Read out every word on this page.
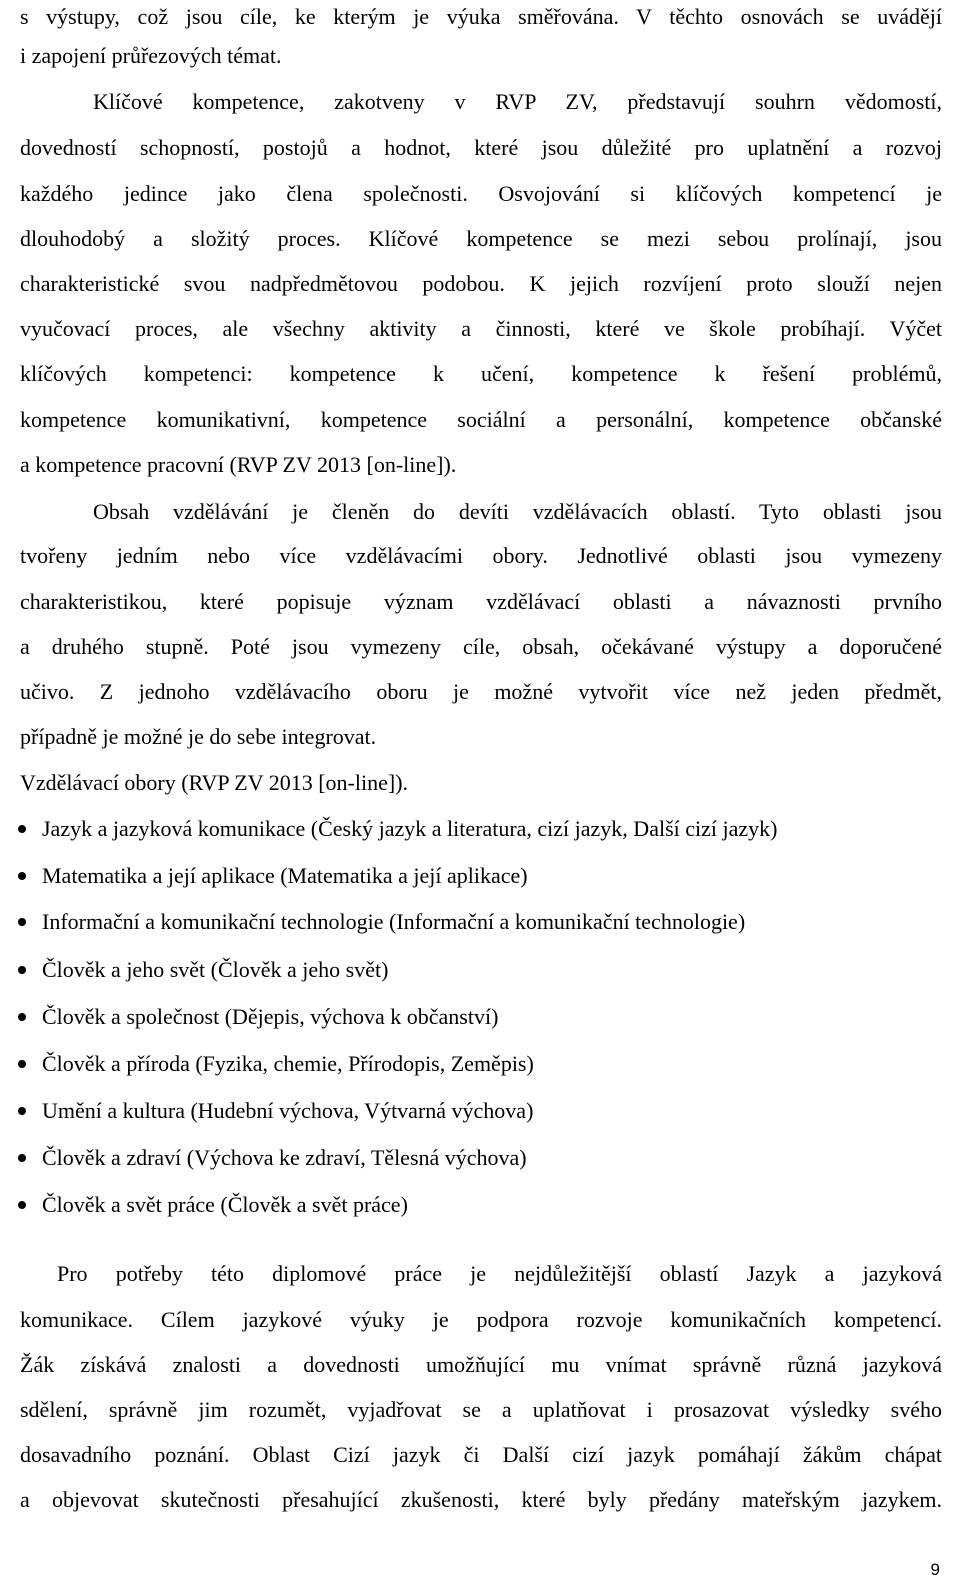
s výstupy, což jsou cíle, ke kterým je výuka směřována. V těchto osnovách se uvádějí
i zapojení průřezových témat.
Klíčové kompetence, zakotveny v RVP ZV, představují souhrn vědomostí,
dovedností schopností, postojů a hodnot, které jsou důležité pro uplatnění a rozvoj
každého jedince jako člena společnosti. Osvojování si klíčových kompetencí je
dlouhodobý a složitý proces. Klíčové kompetence se mezi sebou prolínají, jsou
charakteristické svou nadpředmětovou podobou. K jejich rozvíjení proto slouží nejen
vyučovací proces, ale všechny aktivity a činnosti, které ve škole probíhají. Výčet
klíčových kompetenci: kompetence k učení, kompetence k řešení problémů,
kompetence komunikativní, kompetence sociální a personální, kompetence občanské
a kompetence pracovní (RVP ZV 2013 [on-line]).
Obsah vzdělávání je členěn do devíti vzdělávacích oblastí. Tyto oblasti jsou
tvořeny jedním nebo více vzdělávacími obory. Jednotlivé oblasti jsou vymezeny
charakteristikou, které popisuje význam vzdělávací oblasti a návaznosti prvního
a druhého stupně. Poté jsou vymezeny cíle, obsah, očekávané výstupy a doporučené
učivo. Z jednoho vzdělávacího oboru je možné vytvořit více než jeden předmět,
případně je možné je do sebe integrovat.
Vzdělávací obory (RVP ZV 2013 [on-line]).
Jazyk a jazyková komunikace (Český jazyk a literatura, cizí jazyk, Další cizí jazyk)
Matematika a její aplikace (Matematika a její aplikace)
Informační a komunikační technologie (Informační a komunikační technologie)
Člověk a jeho svět (Člověk a jeho svět)
Člověk a společnost (Dějepis, výchova k občanství)
Člověk a příroda (Fyzika, chemie, Přírodopis, Zeměpis)
Umění a kultura (Hudební výchova, Výtvarná výchova)
Člověk a zdraví (Výchova ke zdraví, Tělesná výchova)
Člověk a svět práce (Člověk a svět práce)
Pro potřeby této diplomové práce je nejdůležitější oblastí Jazyk a jazyková
komunikace. Cílem jazykové výuky je podpora rozvoje komunikačních kompetencí.
Žák získává znalosti a dovednosti umožňující mu vnímat správně různá jazyková
sdělení, správně jim rozumět, vyjadřovat se a uplatňovat i prosazovat výsledky svého
dosavadního poznání. Oblast Cizí jazyk či Další cizí jazyk pomáhají žákům chápat
a objevovat skutečnosti přesahující zkušenosti, které byly předány mateřským jazykem.
9
